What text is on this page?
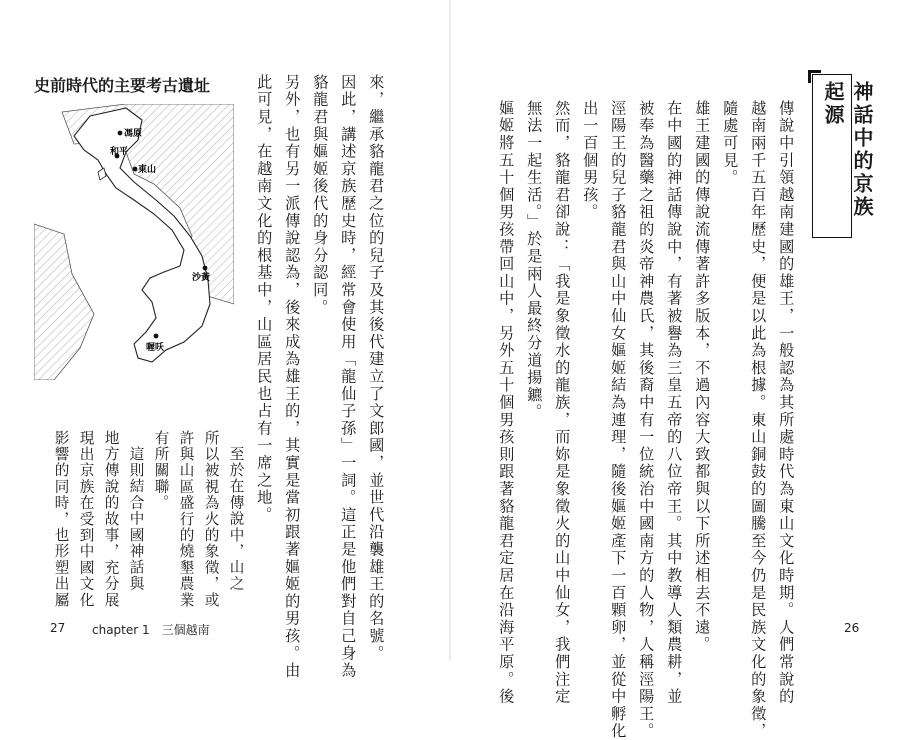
神話中的京族起源
傳說中引領越南建國的雄王，一般認為其所處時代為東山文化時期。人們常說的
越南兩千五百年歷史，便是以此為根據。東山銅鼓的圖騰至今仍是民族文化的象徵，
隨處可見。
雄王建國的傳說流傳著許多版本，不過內容大致都與以下所述相去不遠。
在中國的神話傳說中，有著被譽為三皇五帝的八位帝王。其中教導人類農耕，並
被奉為醫藥之祖的炎帝神農氏，其後裔中有一位統治中國南方的人物，人稱涇陽王。
涇陽王的兒子貉龍君與山中仙女嫗姬結為連理，隨後嫗姬產下一百顆卵，並從中孵化
出一百個男孩。
然而，貉龍君卻說：「我是象徵水的龍族，而妳是象徵火的山中仙女，我們注定
無法一起生活。」於是兩人最終分道揚鑣。
嫗姬將五十個男孩帶回山中，另外五十個男孩則跟著貉龍君定居在沿海平原。後	26
來，繼承貉龍君之位的兒子及其後代建立了文郎國，並世代沿襲雄王的名號。
因此，講述京族歷史時，經常會使用「龍仙子孫」一詞。這正是他們對自己身為
貉龍君與嫗姬後代的身分認同。
另外，也有另一派傳說認為，後來成為雄王的，其實是當初跟著嫗姬的男孩。由
此可見，在越南文化的根基中，山區居民也占有一席之地。
至於在傳說中，山之
所以被視為火的象徵，或
許與山區盛行的燒墾農業
有所關聯。
這則結合中國神話與
地方傳說的故事，充分展
現出京族在受到中國文化
影響的同時，也形塑出屬
史前時代的主要考古遺址
馮原
和平
東山
沙黃
喔㕭
27 chapter 1　三個越南
